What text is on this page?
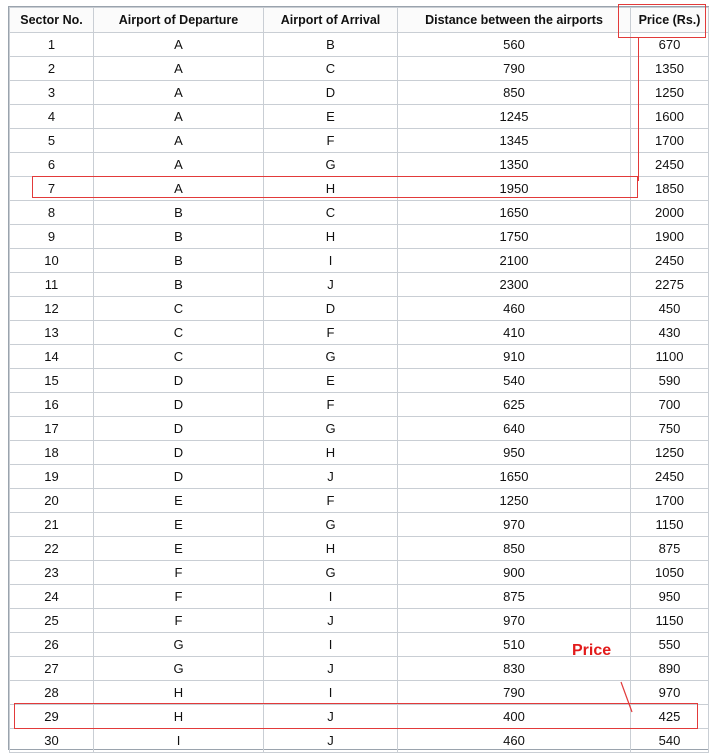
Sector No.	Airport of Departure	Airport of Arrival	Distance between the airports	Price (Rs.)
1	A	B	560	670
2	A	C	790	1350
3	A	D	850	1250
4	A	E	1245	1600
5	A	F	1345	1700
6	A	G	1350	2450
7	A	H	1950	1850
8	B	C	1650	2000
9	B	H	1750	1900
10	B	I	2100	2450
11	B	J	2300	2275
12	C	D	460	450
13	C	F	410	430
14	C	G	910	1100
15	D	E	540	590
16	D	F	625	700
17	D	G	640	750
18	D	H	950	1250
19	D	J	1650	2450
20	E	F	1250	1700
21	E	G	970	1150
22	E	H	850	875
23	F	G	900	1050
24	F	I	875	950
25	F	J	970	1150
26	G	I	510	550
27	G	J	830	890
28	H	I	790	970
29	H	J	400	425
30	I	J	460	540
Price
